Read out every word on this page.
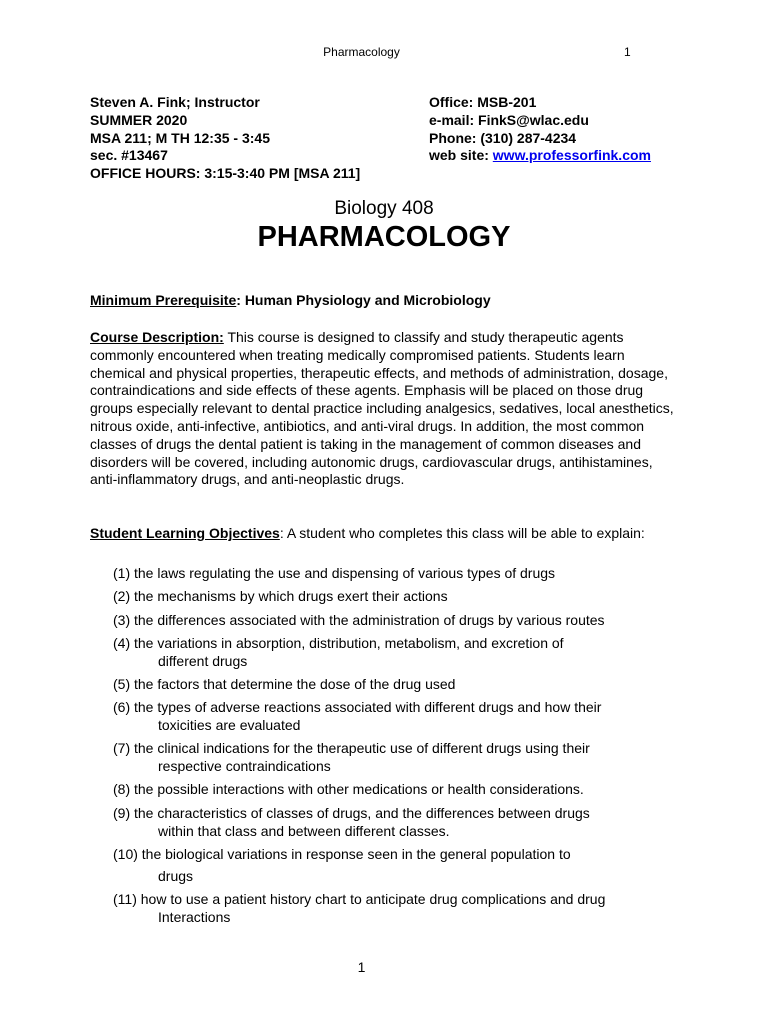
Pharmacology	1
Steven A. Fink; Instructor
SUMMER 2020
MSA 211; M TH 12:35 - 3:45
sec. #13467
OFFICE HOURS: 3:15-3:40 PM [MSA 211]
Office: MSB-201
e-mail: FinkS@wlac.edu
Phone: (310) 287-4234
web site: www.professorfink.com
Biology 408
PHARMACOLOGY
Minimum Prerequisite: Human Physiology and Microbiology
Course Description: This course is designed to classify and study therapeutic agents commonly encountered when treating medically compromised patients. Students learn chemical and physical properties, therapeutic effects, and methods of administration, dosage, contraindications and side effects of these agents. Emphasis will be placed on those drug groups especially relevant to dental practice including analgesics, sedatives, local anesthetics, nitrous oxide, anti-infective, antibiotics, and anti-viral drugs. In addition, the most common classes of drugs the dental patient is taking in the management of common diseases and disorders will be covered, including autonomic drugs, cardiovascular drugs, antihistamines, anti-inflammatory drugs, and anti-neoplastic drugs.
Student Learning Objectives: A student who completes this class will be able to explain:
(1) the laws regulating the use and dispensing of various types of drugs
(2) the mechanisms by which drugs exert their actions
(3) the differences associated with the administration of drugs by various routes
(4) the variations in absorption, distribution, metabolism, and excretion of
different drugs
(5) the factors that determine the dose of the drug used
(6) the types of adverse reactions associated with different drugs and how their
toxicities are evaluated
(7) the clinical indications for the therapeutic use of different drugs using their
respective contraindications
(8) the possible interactions with other medications or health considerations.
(9) the characteristics of classes of drugs, and the differences between drugs
within that class and between different classes.
(10) the biological variations in response seen in the general population to
drugs
(11) how to use a patient history chart to anticipate drug complications and drug
Interactions
1
